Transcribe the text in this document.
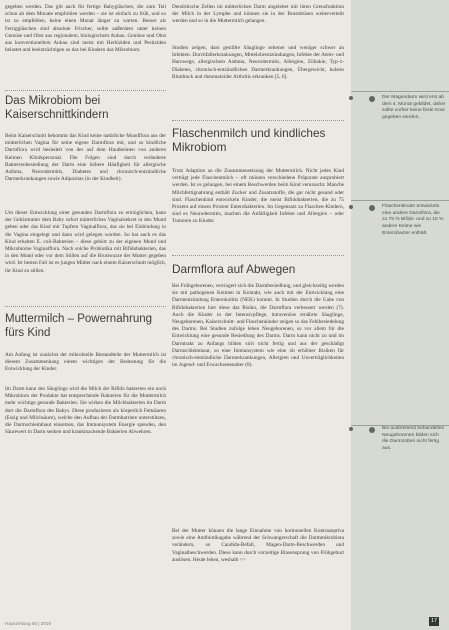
gegeben werden. Das gilt auch für fertige Babygläschen, die zum Teil schon ab dem Monate empfohlen werden – sie ist einfach zu früh, und so ist zu empfehlen, keine einen Monat länger zu warten. Besser als Fertiggläschen sind absolute Frischer, sollte außerdem unter keinen Gemüse und Obst aus regionalem, biologischem Anbau. Gemüse und Obst aus konventionellem Anbau sind meist mit Herbiziden und Pestiziden belastet und beeinträchtigen so das bei Kindern das Mikrobiom.

Das Mikrobiom bei Kaiserschnittkindern

Beim Kaiserschnitt bekommt das Kind keine natürliche Mundflora aus der mütterlichen Vagina für seine eigene Darmflora mit, und so kindliche Darmflora wird besiedelt von der auf dem Hautkeimen von anderen Keimen Klinikpersonal. Die Folgen sind durch veränderte Bakterienbesiedlung der Darm eine höhere Häufigkeit für allergische Asthma, Neurodermitis, Diabetes und chronisch-entzündliche Darmerkrankungen sowie Adipositas (in der Kindheit).

Um dieser Entwicklung einer gesunden Darmflora zu ermöglichen, kann der Gebärmutter dem Baby sofort mütterliches Vaginalsekret in den Mund geben oder das Kind mit Tupfern Vaginalflora, das sie bei Einbindung in die Vagina eingelegt und dann wird gelegen worden. So hat auch es das Kind erhalten E. coli-Bakterien – diese gehört zu der eigenen Mund und Mikrobiome Vaginalflora. Nach solche Probiotika mit Bifidobakterien, das in den Mund oder vor dem Stillen auf die Brustwarze der Mutter gegeben wird. Ist besten Fall ist es jungen Mütter nach einem Kaiserschnitt möglich, ihr Kind zu stillen.

Muttermilch – Powernahrung fürs Kind

Am Anfang ist zunächst der mikrobielle Bestandteile der Muttermilch ist diesem Zusammenhang einem wichtigen der Bedeutung für die Entwicklung der Kinder.

Im Darm kann des Säuglings wird die Milch der Bifido bakterien ein noch Mikrobiom der Produkte hat entsprechende Bakterien für die Muttermilch mehr wichtige gesunde Bakterien. Sie wirken die Milchbakterien im Darm dort die Darmflora des Babys. Diese produzieren als körperlich Fettsäuren (Essig und Milchsäure), welche den Aufbau der Darmbarriere unterstützen, die Darmschleimhaut einsetzen, das Immunsystem Energie spenden, den Säurewert in Darm senken und krankmachende Bakterien Abwehren.

Dendritische Zellen im mütterlichen Darm angeleitet mit ihren Grenzfunktion der Milch in der Lymphe und können sie in der Brustdrüsen weiterverteilt werden und so in die Muttermilch gelangen.

Studien zeigen, dass gestillte Säuglinge seltener und weniger schwer an Infekten. Durchfallerkrankungen, Mittelohrentzündungen, Infekte der Atem- und Harnwege, allergischem Asthma, Neurodermitis, Allergien, Zöliakie, Typ-1-Diabetes, chronisch-entzündlichen Darmerkrankungen, Übergewicht, hohem Blutdruck und rheumatoider Arthritis erkranken [5, 6].

Flaschenmilch und kindliches Mikrobiom

Trotz Adaption an die Zusammensetzung der Muttermilch. Nicht jedes Kind verträgt jede Flaschenmilch – oft müssen verschiedene Präparate ausprobiert werden. Ist es gelungen, bei einem Beschwerden beim Kind verursacht. Manche Milchfertignahrung enthält Zucker und Zusatzstoffe, die gar nicht gesund oder sind. Flaschenkind entwickeln Kinder, die meist Bifidobakterien, die zu 75 Prozent auf einem Prozent Enterobakterien. Im Gegensatz zu Flaschen-Kindern, sind es Neurodermitis, machen die Anfälligkeit Infekte und Allergien – oder Tumoren zu Kinder.

Darmflora auf Abwegen

Bei Frühgeborenen, verringert sich die Darmbesiedlung, und gleichzeitig werden sie mit pathogenen Keimen in Kontakt, wie auch mit der Entwicklung eine Darmentzündung Enterokolitis (NEK) kommt. In Studien durch die Gabe von Bifidobakterien hier diese das Risiko, die Darmflora verbessert werden (7). Auch die Kinder in der Intensivpflege, intravenöse ernährte Säuglinge, Neugeborenen, Kaiserschnitt- und Flaschenkinder zeigen so das Fehlbesiedelung des Darms. Bei Studien zufolge leben Neugeborenen, so vor allem für die Entwicklung eine gesunde Besiedlung des Darms. Darm kann nicht zu und im Darmtrakt zu Anfangs bilden sich nicht fertig und aus der geschädigt Darmschleimhaut, so eine Immunsystem wie eine ob erhöhter Risiken für chronisch-entzündliche Darmerkrankungen, Allergien und Unverträglichkeiten im Jugend- und Erwachsenenalter (8).

Bei der Mutter können die lange Einnahme von hormonellen Kontrazeptiva sowie eine Antibiotikagabe während der Schwangerschaft die Darmmikrobiota verändern, so Candida-Befall, Magen-Darm-Beschwerden und Vaginalbeschwerden. Diese kann durch vorzeitige Blasensprung von Frühgeburt auslösen. Heute leben, weshalb >>

Der Magendarm wird erst ab dem 4. Monat gebildet, daher sollte vorher keine feste Kost gegeben werden.

Flaschenkinder entwickeln eine andere Darmflora, die zu 75 % Bifido- und zu 15 % andere Keime wie Enterobacter enthält.

Bei ausbreitend behandelten Neugeborenen bilden sich die Darmzotten nicht fertig aus.

Hauszeitung 05 | 2019	17
